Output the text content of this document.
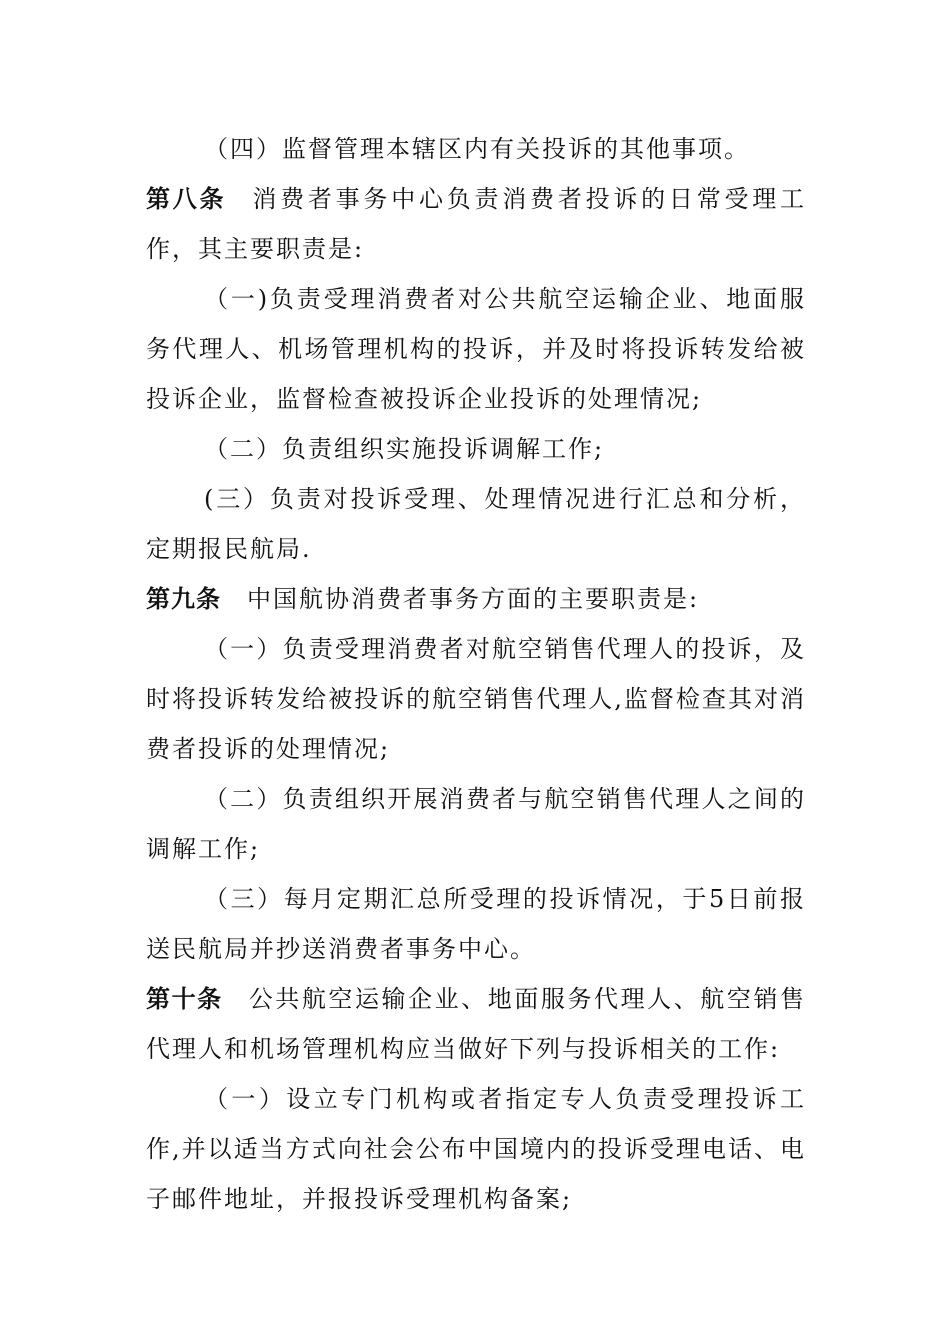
（四）监督管理本辖区内有关投诉的其他事项。

第八条 消费者事务中心负责消费者投诉的日常受理工作，其主要职责是:

（一)负责受理消费者对公共航空运输企业、地面服务代理人、机场管理机构的投诉，并及时将投诉转发给被投诉企业，监督检查被投诉企业投诉的处理情况;

（二）负责组织实施投诉调解工作;

(三）负责对投诉受理、处理情况进行汇总和分析，定期报民航局.

第九条 中国航协消费者事务方面的主要职责是:

（一）负责受理消费者对航空销售代理人的投诉，及时将投诉转发给被投诉的航空销售代理人,监督检查其对消费者投诉的处理情况;

（二）负责组织开展消费者与航空销售代理人之间的调解工作;

（三）每月定期汇总所受理的投诉情况，于5日前报送民航局并抄送消费者事务中心。

第十条 公共航空运输企业、地面服务代理人、航空销售代理人和机场管理机构应当做好下列与投诉相关的工作:

（一）设立专门机构或者指定专人负责受理投诉工作,并以适当方式向社会公布中国境内的投诉受理电话、电子邮件地址，并报投诉受理机构备案;
